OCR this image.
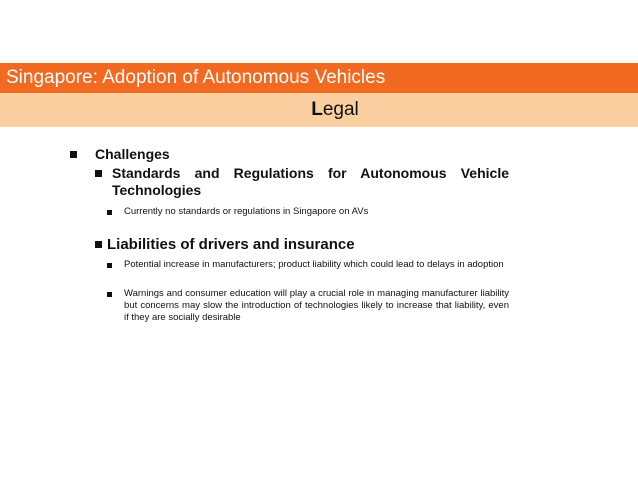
Singapore: Adoption of Autonomous Vehicles
Legal
Challenges
Standards and Regulations for Autonomous Vehicle Technologies
Currently no standards or regulations in Singapore on AVs
Liabilities of drivers and insurance
Potential increase in manufacturers; product liability which could lead to delays in adoption
Warnings and consumer education will play a crucial role in managing manufacturer liability but concerns may slow the introduction of technologies likely to increase that liability, even if they are socially desirable
